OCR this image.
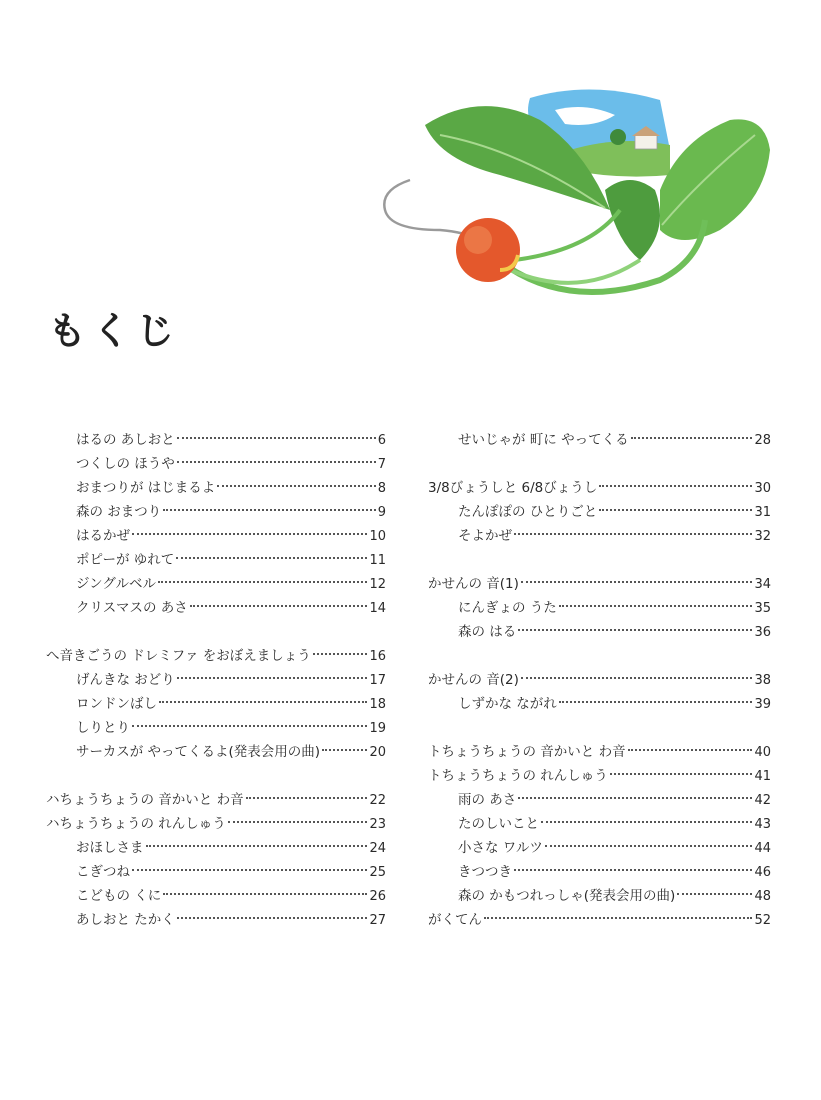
もくじ
はるの あしおと	6
つくしの ほうや	7
おまつりが はじまるよ	8
森の おまつり	9
はるかぜ	10
ポピーが ゆれて	11
ジングルベル	12
クリスマスの あさ	14
へ音きごうの ドレミファ をおぼえましょう	16
げんきな おどり	17
ロンドンばし	18
しりとり	19
サーカスが やってくるよ(発表会用の曲)	20
ハちょうちょうの 音かいと わ音	22
ハちょうちょうの れんしゅう	23
おほしさま	24
こぎつね	25
こどもの くに	26
あしおと たかく	27
せいじゃが 町に やってくる	28
3/8びょうしと 6/8びょうし	30
たんぽぽの ひとりごと	31
そよかぜ	32
かせんの 音(1)	34
にんぎょの うた	35
森の はる	36
かせんの 音(2)	38
しずかな ながれ	39
トちょうちょうの 音かいと わ音	40
トちょうちょうの れんしゅう	41
雨の あさ	42
たのしいこと	43
小さな ワルツ	44
きつつき	46
森の かもつれっしゃ(発表会用の曲)	48
がくてん	52
